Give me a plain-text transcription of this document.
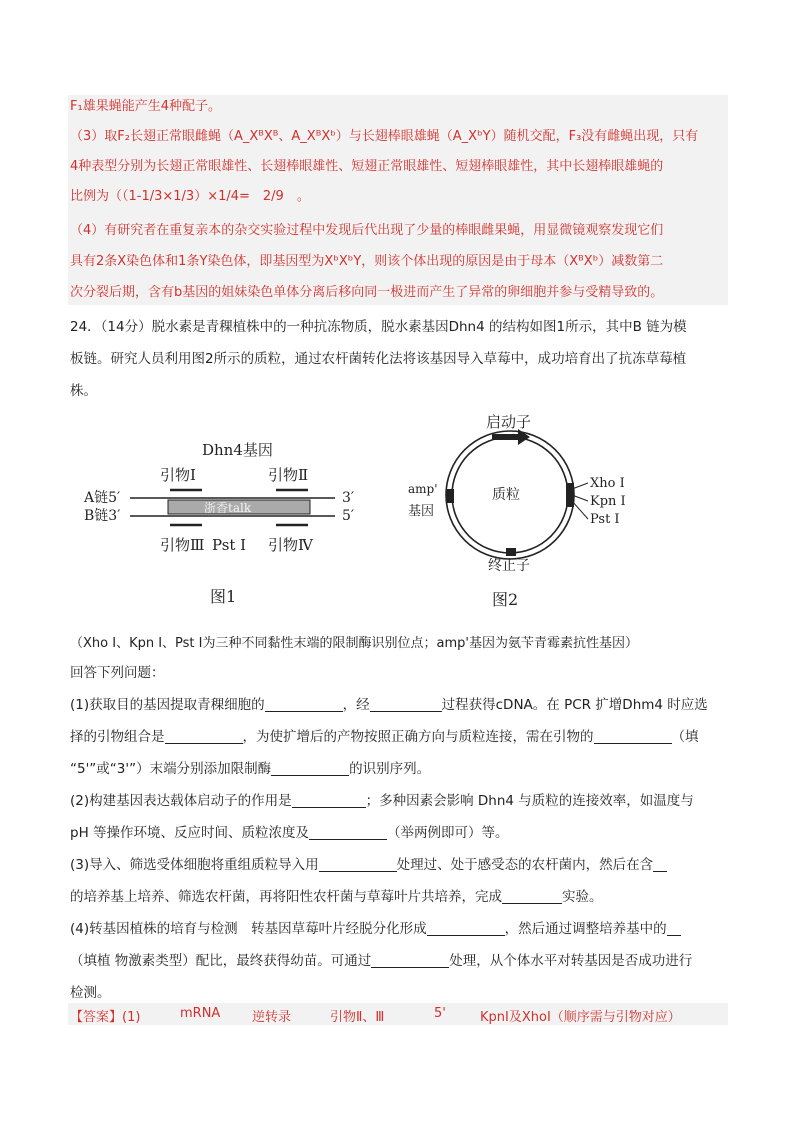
F₁雄果蝇能产生4种配子。
（3）取F₂长翅正常眼雌蝇（A_XᴮXᴮ、A_XᴮXᵇ）与长翅棒眼雄蝇（A_XᵇY）随机交配，F₃没有雌蝇出现，只有
4种表型分别为长翅正常眼雄性、长翅棒眼雄性、短翅正常眼雄性、短翅棒眼雄性，其中长翅棒眼雄蝇的
比例为（（1-1/3×1/3）×1/4=　2/9　。
（4）有研究者在重复亲本的杂交实验过程中发现后代出现了少量的棒眼雌果蝇，用显微镜观察发现它们
具有2条X染色体和1条Y染色体，即基因型为XᵇXᵇY，则该个体出现的原因是由于母本（XᴮXᵇ）减数第二
次分裂后期，含有b基因的姐妹染色单体分离后移向同一极进而产生了异常的卵细胞并参与受精导致的。
24．（14分）脱水素是青稞植株中的一种抗冻物质，脱水素基因Dhn4 的结构如图1所示，其中B 链为模
板链。研究人员利用图2所示的质粒，通过农杆菌转化法将该基因导入草莓中，成功培育出了抗冻草莓植
株。
Dhn4基因
引物Ⅰ	引物Ⅱ
A链5′
B链3′	浙香talk
3′
5′
引物Ⅲ Pst Ⅰ 引物Ⅳ
图1
启动子
质粒
amp'
基因
Xho Ⅰ
Kpn Ⅰ
Pst Ⅰ
终止子
图2
（Xho I、Kpn I、Pst I为三种不同黏性末端的限制酶识别位点；amp'基因为氨苄青霉素抗性基因）
回答下列问题：
(1)获取目的基因提取青稞细胞的	，经	过程获得cDNA。在 PCR 扩增Dhm4 时应选
择的引物组合是	，为使扩增后的产物按照正确方向与质粒连接，需在引物的	（填
“5'”或“3'”）末端分别添加限制酶	的识别序列。
(2)构建基因表达载体启动子的作用是	；多种因素会影响 Dhn4 与质粒的连接效率，如温度与
pH 等操作环境、反应时间、质粒浓度及	（举两例即可）等。
(3)导入、筛选受体细胞将重组质粒导入用	处理过、处于感受态的农杆菌内，然后在含
的培养基上培养、筛选农杆菌，再将阳性农杆菌与草莓叶片共培养，完成	实验。
(4)转基因植株的培育与检测　转基因草莓叶片经脱分化形成	，然后通过调整培养基中的
（填植 物激素类型）配比，最终获得幼苗。可通过	处理，从个体水平对转基因是否成功进行
检测。
【答案】(1)	mRNA 逆转录	引物Ⅱ、Ⅲ	5'	KpnⅠ及XhoI（顺序需与引物对应）
